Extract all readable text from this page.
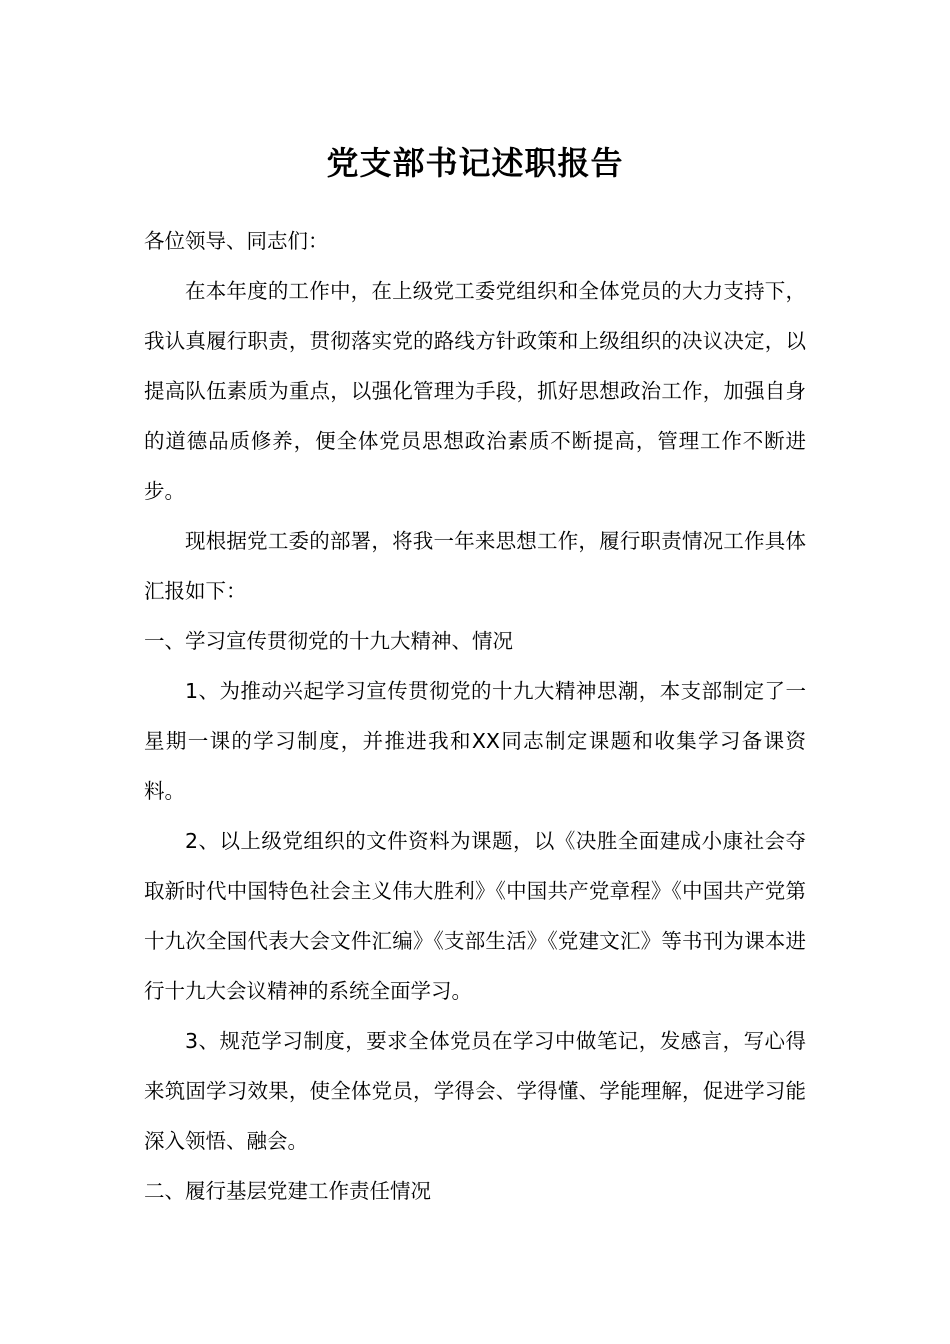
党支部书记述职报告

各位领导、同志们：

在本年度的工作中，在上级党工委党组织和全体党员的大力支持下，我认真履行职责，贯彻落实党的路线方针政策和上级组织的决议决定，以提高队伍素质为重点，以强化管理为手段，抓好思想政治工作，加强自身的道德品质修养，便全体党员思想政治素质不断提高，管理工作不断进步。

现根据党工委的部署，将我一年来思想工作，履行职责情况工作具体汇报如下：

一、学习宣传贯彻党的十九大精神、情况

1、为推动兴起学习宣传贯彻党的十九大精神思潮，本支部制定了一星期一课的学习制度，并推进我和XX同志制定课题和收集学习备课资料。

2、以上级党组织的文件资料为课题，以《决胜全面建成小康社会夺取新时代中国特色社会主义伟大胜利》《中国共产党章程》《中国共产党第十九次全国代表大会文件汇编》《支部生活》《党建文汇》等书刊为课本进行十九大会议精神的系统全面学习。

3、规范学习制度，要求全体党员在学习中做笔记，发感言，写心得来筑固学习效果，使全体党员，学得会、学得懂、学能理解，促进学习能深入领悟、融会。

二、履行基层党建工作责任情况
